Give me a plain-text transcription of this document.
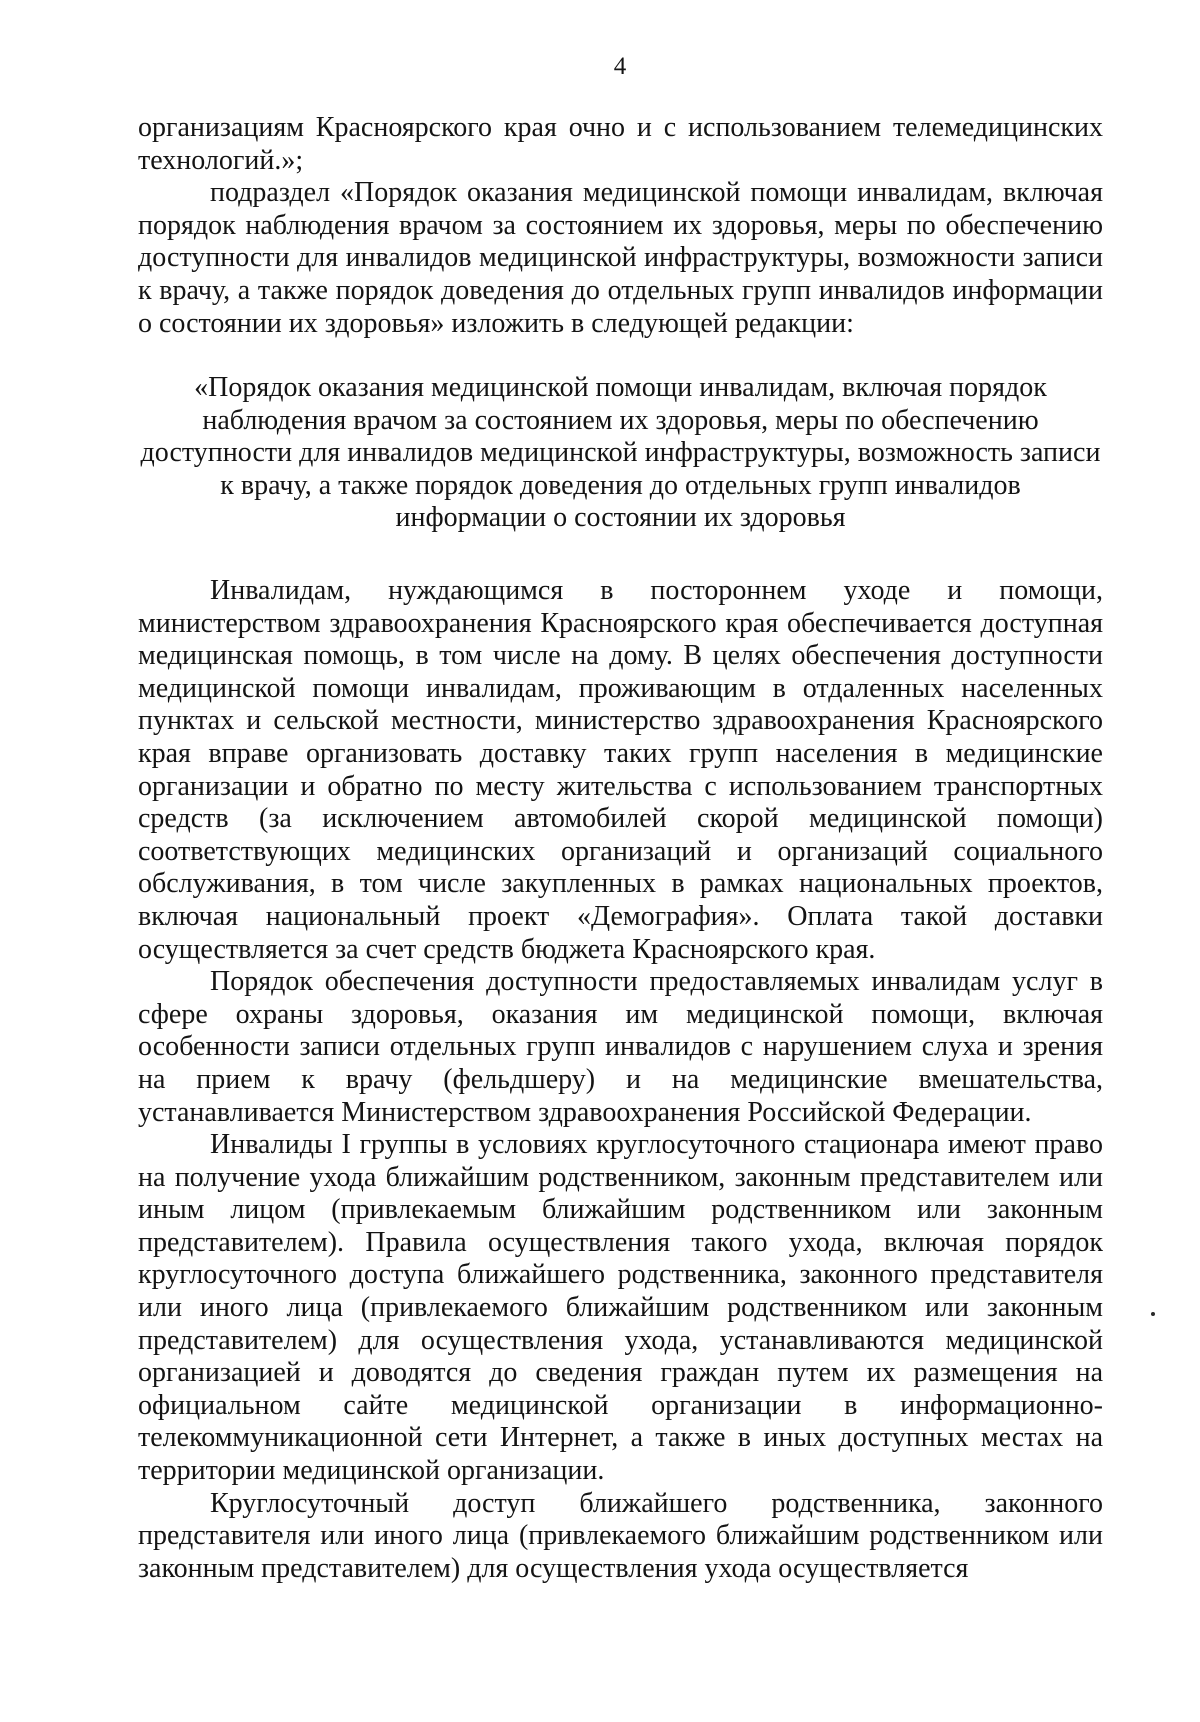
4

организациям Красноярского края очно и с использованием телемедицинских технологий.»;

подраздел «Порядок оказания медицинской помощи инвалидам, включая порядок наблюдения врачом за состоянием их здоровья, меры по обеспечению доступности для инвалидов медицинской инфраструктуры, возможности записи к врачу, а также порядок доведения до отдельных групп инвалидов информации о состоянии их здоровья» изложить в следующей редакции:

«Порядок оказания медицинской помощи инвалидам, включая порядок
наблюдения врачом за состоянием их здоровья, меры по обеспечению
доступности для инвалидов медицинской инфраструктуры, возможность записи
к врачу, а также порядок доведения до отдельных групп инвалидов
информации о состоянии их здоровья

Инвалидам, нуждающимся в постороннем уходе и помощи, министерством здравоохранения Красноярского края обеспечивается доступная медицинская помощь, в том числе на дому. В целях обеспечения доступности медицинской помощи инвалидам, проживающим в отдаленных населенных пунктах и сельской местности, министерство здравоохранения Красноярского края вправе организовать доставку таких групп населения в медицинские организации и обратно по месту жительства с использованием транспортных средств (за исключением автомобилей скорой медицинской помощи) соответствующих медицинских организаций и организаций социального обслуживания, в том числе закупленных в рамках национальных проектов, включая национальный проект «Демография». Оплата такой доставки осуществляется за счет средств бюджета Красноярского края.

Порядок обеспечения доступности предоставляемых инвалидам услуг в сфере охраны здоровья, оказания им медицинской помощи, включая особенности записи отдельных групп инвалидов с нарушением слуха и зрения на прием к врачу (фельдшеру) и на медицинские вмешательства, устанавливается Министерством здравоохранения Российской Федерации.

Инвалиды I группы в условиях круглосуточного стационара имеют право на получение ухода ближайшим родственником, законным представителем или иным лицом (привлекаемым ближайшим родственником или законным представителем). Правила осуществления такого ухода, включая порядок круглосуточного доступа ближайшего родственника, законного представителя или иного лица (привлекаемого ближайшим родственником или законным представителем) для осуществления ухода, устанавливаются медицинской организацией и доводятся до сведения граждан путем их размещения на официальном сайте медицинской организации в информационно-телекоммуникационной сети Интернет, а также в иных доступных местах на территории медицинской организации.

Круглосуточный доступ ближайшего родственника, законного представителя или иного лица (привлекаемого ближайшим родственником или законным представителем) для осуществления ухода осуществляется
